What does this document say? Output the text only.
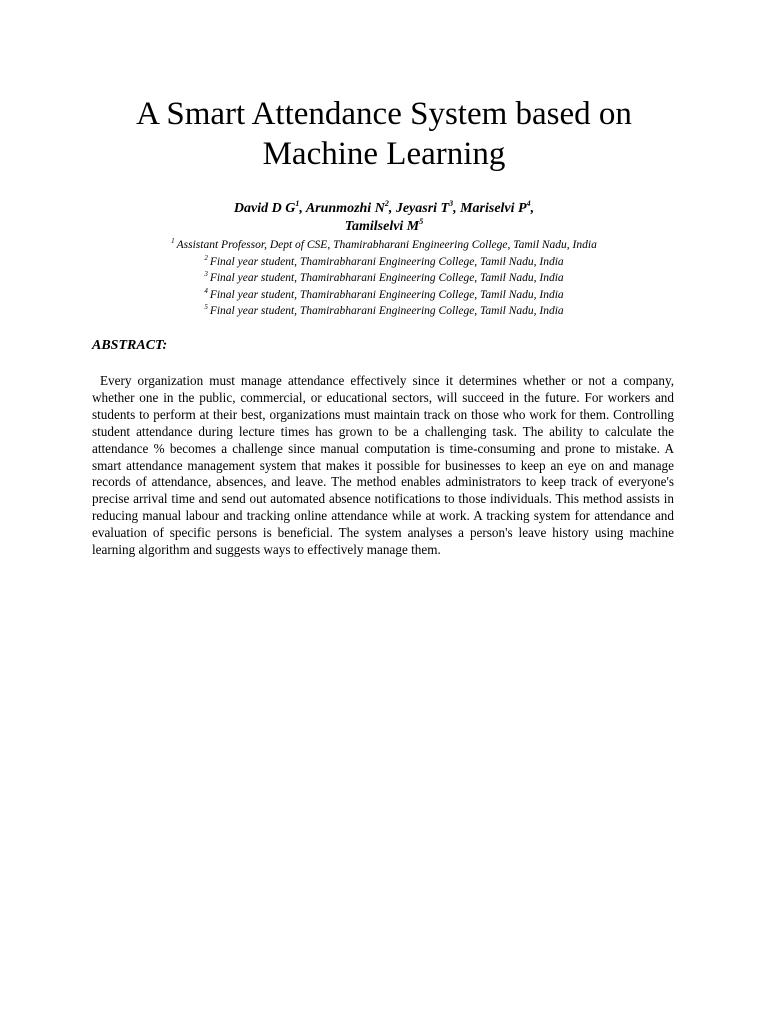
A Smart Attendance System based on
Machine Learning

David D $G^1$, Arunmozhi $N^2$, Jeyasri $T^3$, Mariselvi $P^4$,
Tamilselvi $M^5$

$^1$ Assistant Professor, Dept of CSE, Thamirabharani Engineering College, Tamil Nadu, India
$^2$ Final year student, Thamirabharani Engineering College, Tamil Nadu, India
$^3$ Final year student, Thamirabharani Engineering College, Tamil Nadu, India
$^4$ Final year student, Thamirabharani Engineering College, Tamil Nadu, India
$^5$ Final year student, Thamirabharani Engineering College, Tamil Nadu, India
ABSTRACT:

Every organization must manage attendance effectively since it determines whether or not a company, whether one in the public, commercial, or educational sectors, will succeed in the future. For workers and students to perform at their best, organizations must maintain track on those who work for them. Controlling student attendance during lecture times has grown to be a challenging task. The ability to calculate the attendance % becomes a challenge since manual computation is time-consuming and prone to mistake. A smart attendance management system that makes it possible for businesses to keep an eye on and manage records of attendance, absences, and leave. The method enables administrators to keep track of everyone's precise arrival time and send out automated absence notifications to those individuals. This method assists in reducing manual labour and tracking online attendance while at work. A tracking system for attendance and evaluation of specific persons is beneficial. The system analyses a person's leave history using machine learning algorithm and suggests ways to effectively manage them.
